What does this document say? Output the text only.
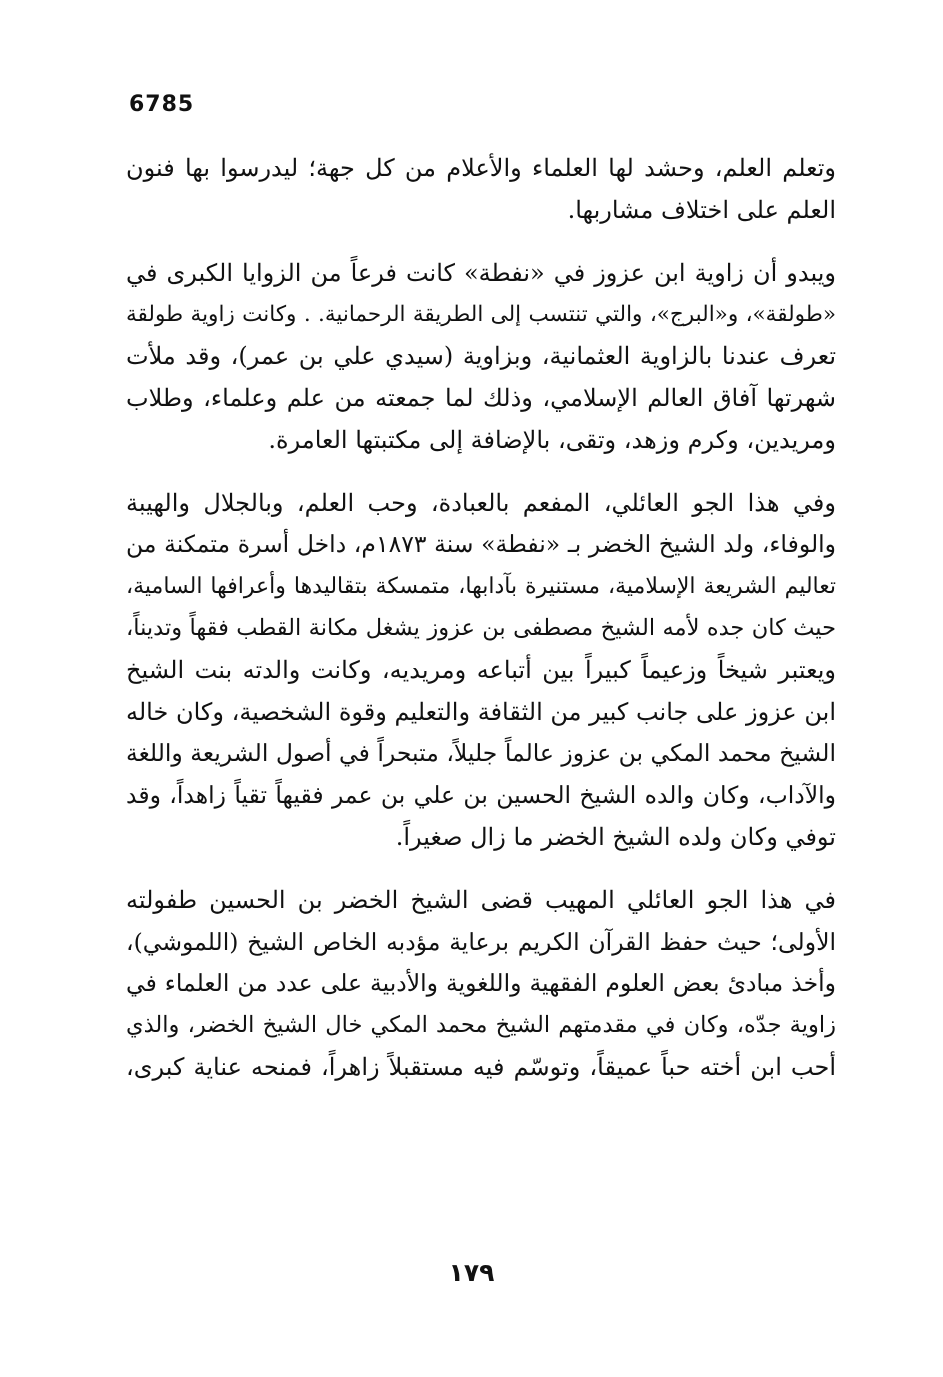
6785
وتعلم العلم، وحشد لها العلماء والأعلام من كل جهة؛ ليدرسوا بها فنون
العلم على اختلاف مشاربها.
ويبدو أن زاوية ابن عزوز في «نفطة» كانت فرعاً من الزوايا الكبرى في
«طولقة»، و«البرج»، والتي تنتسب إلى الطريقة الرحمانية. . وكانت زاوية طولقة
تعرف عندنا بالزاوية العثمانية، وبزاوية (سيدي علي بن عمر)، وقد ملأت
شهرتها آفاق العالم الإسلامي، وذلك لما جمعته من علم وعلماء، وطلاب
ومريدين، وكرم وزهد، وتقى، بالإضافة إلى مكتبتها العامرة.
وفي هذا الجو العائلي، المفعم بالعبادة، وحب العلم، وبالجلال والهيبة
والوفاء، ولد الشيخ الخضر بـ «نفطة» سنة ١٨٧٣م، داخل أسرة متمكنة من
تعاليم الشريعة الإسلامية، مستنيرة بآدابها، متمسكة بتقاليدها وأعرافها السامية،
حيث كان جده لأمه الشيخ مصطفى بن عزوز يشغل مكانة القطب فقهاً وتديناً،
ويعتبر شيخاً وزعيماً كبيراً بين أتباعه ومريديه، وكانت والدته بنت الشيخ
ابن عزوز على جانب كبير من الثقافة والتعليم وقوة الشخصية، وكان خاله
الشيخ محمد المكي بن عزوز عالماً جليلاً، متبحراً في أصول الشريعة واللغة
والآداب، وكان والده الشيخ الحسين بن علي بن عمر فقيهاً تقياً زاهداً، وقد
توفي وكان ولده الشيخ الخضر ما زال صغيراً.
في هذا الجو العائلي المهيب قضى الشيخ الخضر بن الحسين طفولته
الأولى؛ حيث حفظ القرآن الكريم برعاية مؤدبه الخاص الشيخ (اللموشي)،
وأخذ مبادئ بعض العلوم الفقهية واللغوية والأدبية على عدد من العلماء في
زاوية جدّه، وكان في مقدمتهم الشيخ محمد المكي خال الشيخ الخضر، والذي
أحب ابن أخته حباً عميقاً، وتوسّم فيه مستقبلاً زاهراً، فمنحه عناية كبرى،
١٧٩
